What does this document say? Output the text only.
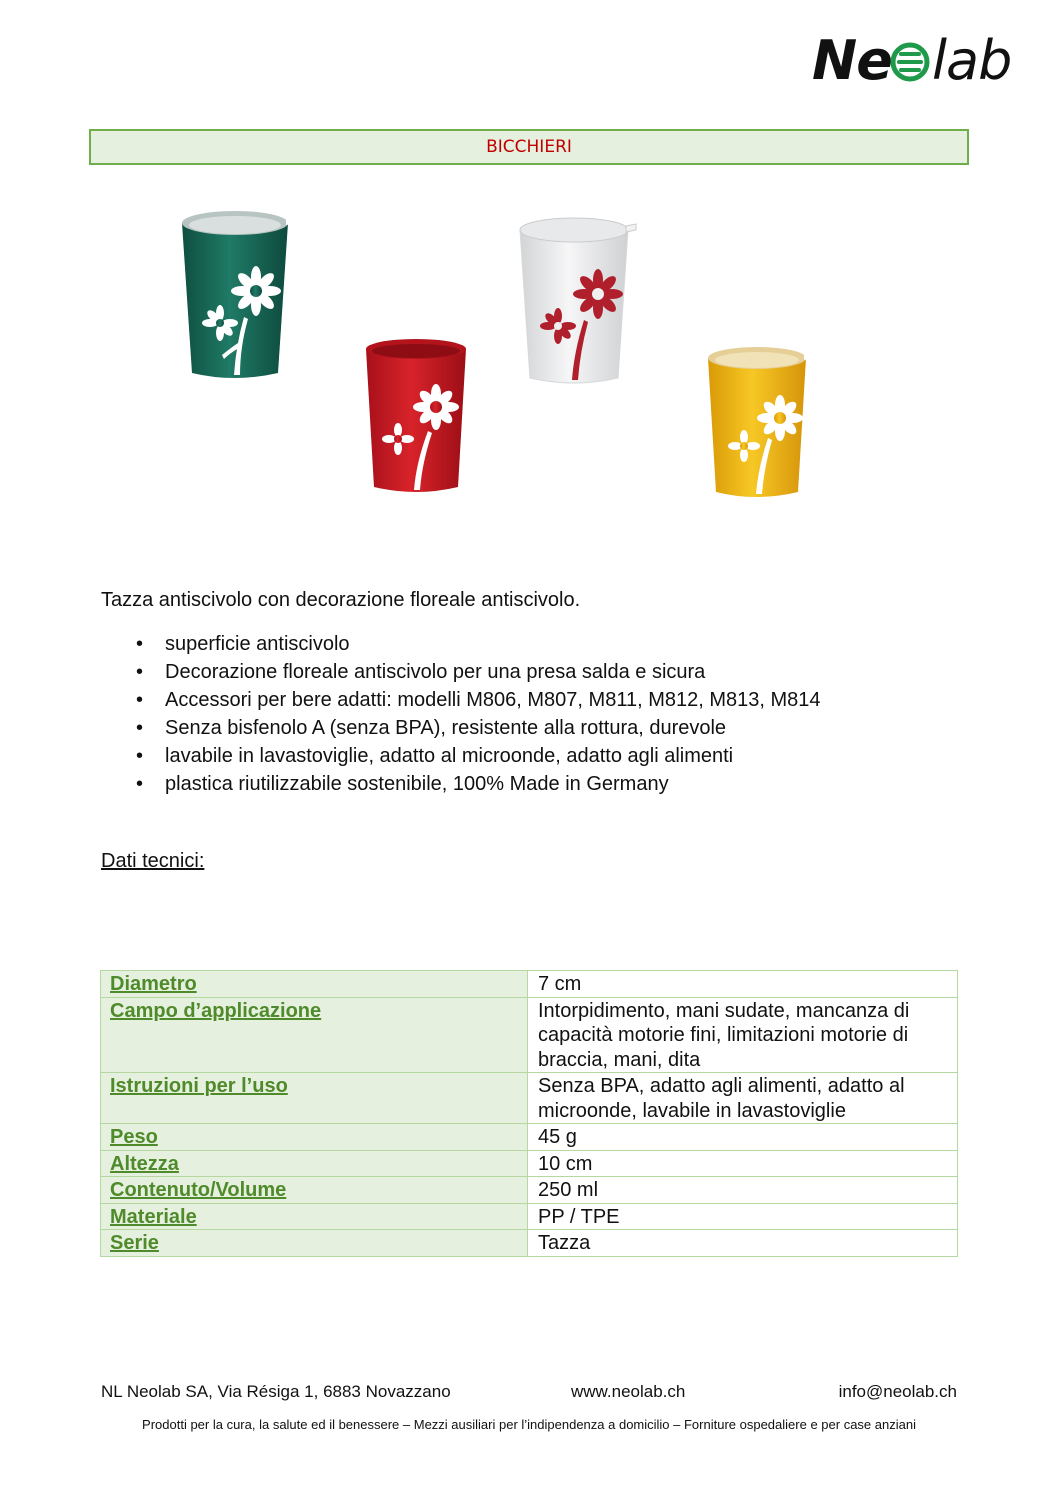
Ne lab
BICCHIERI
Tazza antiscivolo con decorazione floreale antiscivolo.
• superficie antiscivolo
• Decorazione floreale antiscivolo per una presa salda e sicura
• Accessori per bere adatti: modelli M806, M807, M811, M812, M813, M814
• Senza bisfenolo A (senza BPA), resistente alla rottura, durevole
• lavabile in lavastoviglie, adatto al microonde, adatto agli alimenti
• plastica riutilizzabile sostenibile, 100% Made in Germany
Dati tecnici:
Diametro	7 cm
Campo d’applicazione	Intorpidimento, mani sudate, mancanza di capacità motorie fini, limitazioni motorie di braccia, mani, dita
Istruzioni per l’uso	Senza BPA, adatto agli alimenti, adatto al microonde, lavabile in lavastoviglie
Peso	45 g
Altezza	10 cm
Contenuto/Volume	250 ml
Materiale	PP / TPE
Serie	Tazza
NL Neolab SA, Via Résiga 1, 6883 Novazzano	www.neolab.ch	info@neolab.ch
Prodotti per la cura, la salute ed il benessere – Mezzi ausiliari per l’indipendenza a domicilio – Forniture ospedaliere e per case anziani
